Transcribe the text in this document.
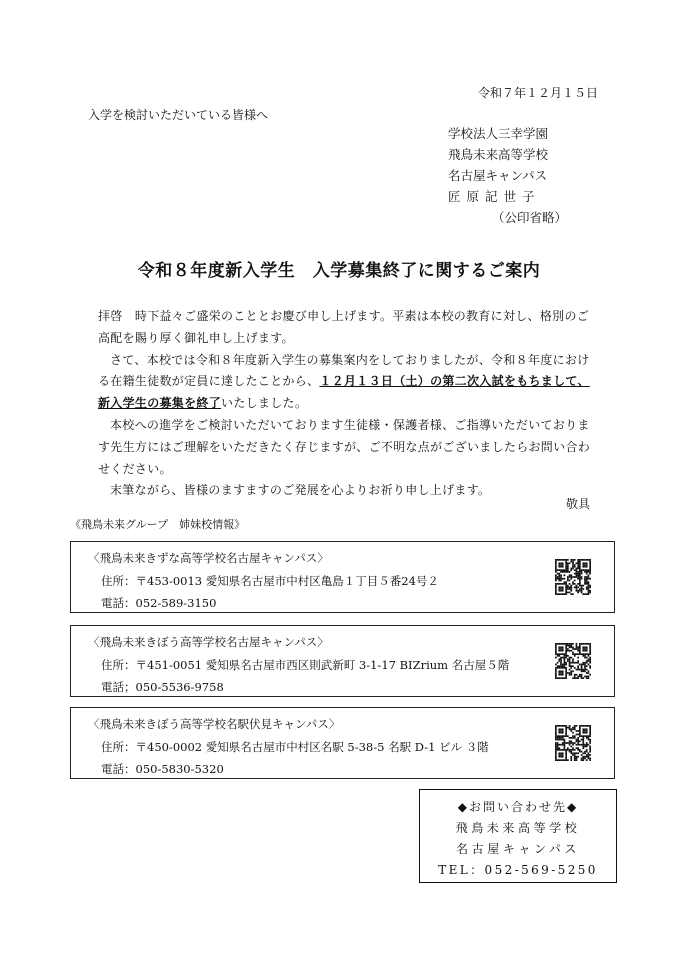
令和７年１２月１５日
入学を検討いただいている皆様へ
学校法人三幸学園
飛鳥未来高等学校
名古屋キャンパス
匠原記世子
（公印省略）
令和８年度新入学生　入学募集終了に関するご案内

拝啓　時下益々ご盛栄のこととお慶び申し上げます。平素は本校の教育に対し、格別のご高配を賜り厚く御礼申し上げます。

さて、本校では令和８年度新入学生の募集案内をしておりましたが、令和８年度における在籍生徒数が定員に達したことから、１２月１３日（土）の第二次入試をもちまして、新入学生の募集を終了いたしました。

本校への進学をご検討いただいております生徒様・保護者様、ご指導いただいております先生方にはご理解をいただきたく存じますが、ご不明な点がございましたらお問い合わせください。

末筆ながら、皆様のますますのご発展を心よりお祈り申し上げます。

敬具
《飛鳥未来グループ　姉妹校情報》
〈飛鳥未来きずな高等学校名古屋キャンパス〉
住所：〒453-0013 愛知県名古屋市中村区亀島１丁目５番24号２
電話：052-589-3150
〈飛鳥未来きぼう高等学校名古屋キャンパス〉
住所：〒451-0051 愛知県名古屋市西区則武新町 3-1-17 BIZrium 名古屋５階
電話；050-5536-9758
〈飛鳥未来きぼう高等学校名駅伏見キャンパス〉
住所：〒450-0002 愛知県名古屋市中村区名駅 5-38-5 名駅 D-1 ビル ３階
電話：050-5830-5320
◆お問い合わせ先◆
飛鳥未来高等学校
名古屋キャンパス
TEL：052-569-5250
